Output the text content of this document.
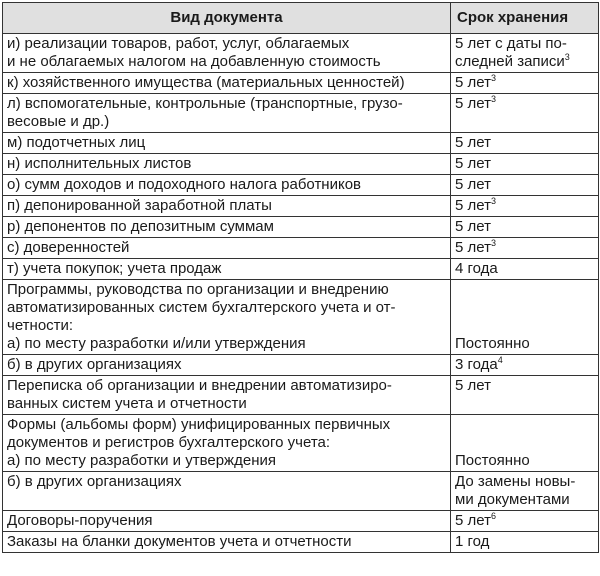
Вид документа	Срок хранения

и) реализации товаров, работ, услуг, облагаемых
и не облагаемых налогом на добавленную стоимость	5 лет с даты по-
следней записи$^3$

к) хозяйственного имущества (материальных ценностей)	5 лет$^3$

л) вспомогательные, контрольные (транспортные, грузо-
весовые и др.)	5 лет$^3$

м) подотчетных лиц	5 лет

н) исполнительных листов	5 лет

о) сумм доходов и подоходного налога работников	5 лет

п) депонированной заработной платы	5 лет$^3$

р) депонентов по депозитным суммам	5 лет

с) доверенностей	5 лет$^3$

т) учета покупок; учета продаж	4 года

Программы, руководства по организации и внедрению
автоматизированных систем бухгалтерского учета и от-
четности:
а) по месту разработки и/или утверждения	Постоянно

б) в других организациях	3 года$^4$

Переписка об организации и внедрении автоматизиро-
ванных систем учета и отчетности	5 лет

Формы (альбомы форм) унифицированных первичных
документов и регистров бухгалтерского учета:
а) по месту разработки и утверждения	Постоянно

б) в других организациях	До замены новы-
ми документами

Договоры-поручения	5 лет$^6$

Заказы на бланки документов учета и отчетности	1 год
